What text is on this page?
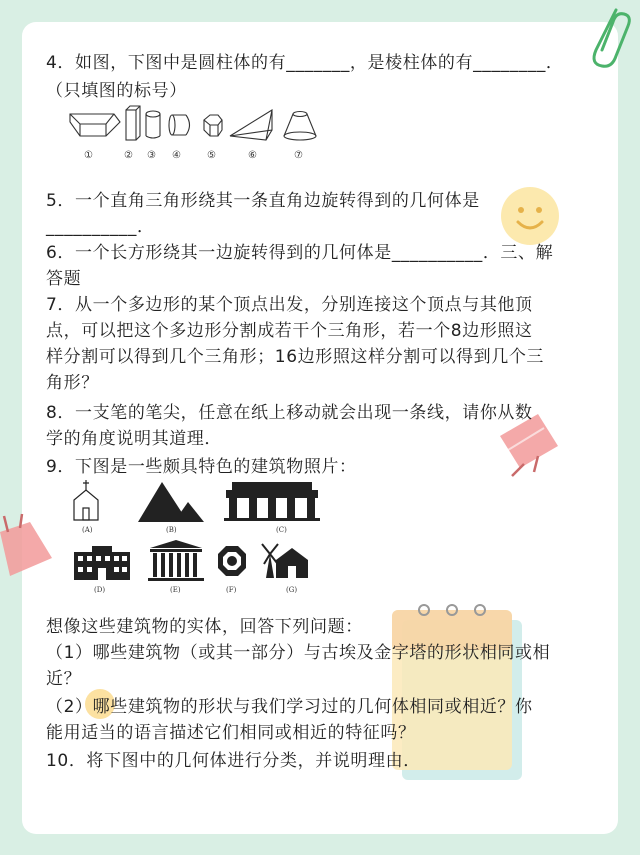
4．如图，下图中是圆柱体的有_______，是棱柱体的有________．
（只填图的标号）
①	② ③ ④	⑤	⑥	⑦
5．一个直角三角形绕其一条直角边旋转得到的几何体是
__________．
6．一个长方形绕其一边旋转得到的几何体是__________．三、解
答题
7．从一个多边形的某个顶点出发，分别连接这个顶点与其他顶
点，可以把这个多边形分割成若干个三角形，若一个8边形照这
样分割可以得到几个三角形；16边形照这样分割可以得到几个三
角形？
8．一支笔的笔尖，任意在纸上移动就会出现一条线，请你从数
学的角度说明其道理．
9．下图是一些颇具特色的建筑物照片：
(A)	(B)	(C)
(D)	(E)	(F)	(G)
想像这些建筑物的实体，回答下列问题：
（1）哪些建筑物（或其一部分）与古埃及金字塔的形状相同或相
近？
（2）哪些建筑物的形状与我们学习过的几何体相同或相近？你
能用适当的语言描述它们相同或相近的特征吗？
10．将下图中的几何体进行分类，并说明理由．
